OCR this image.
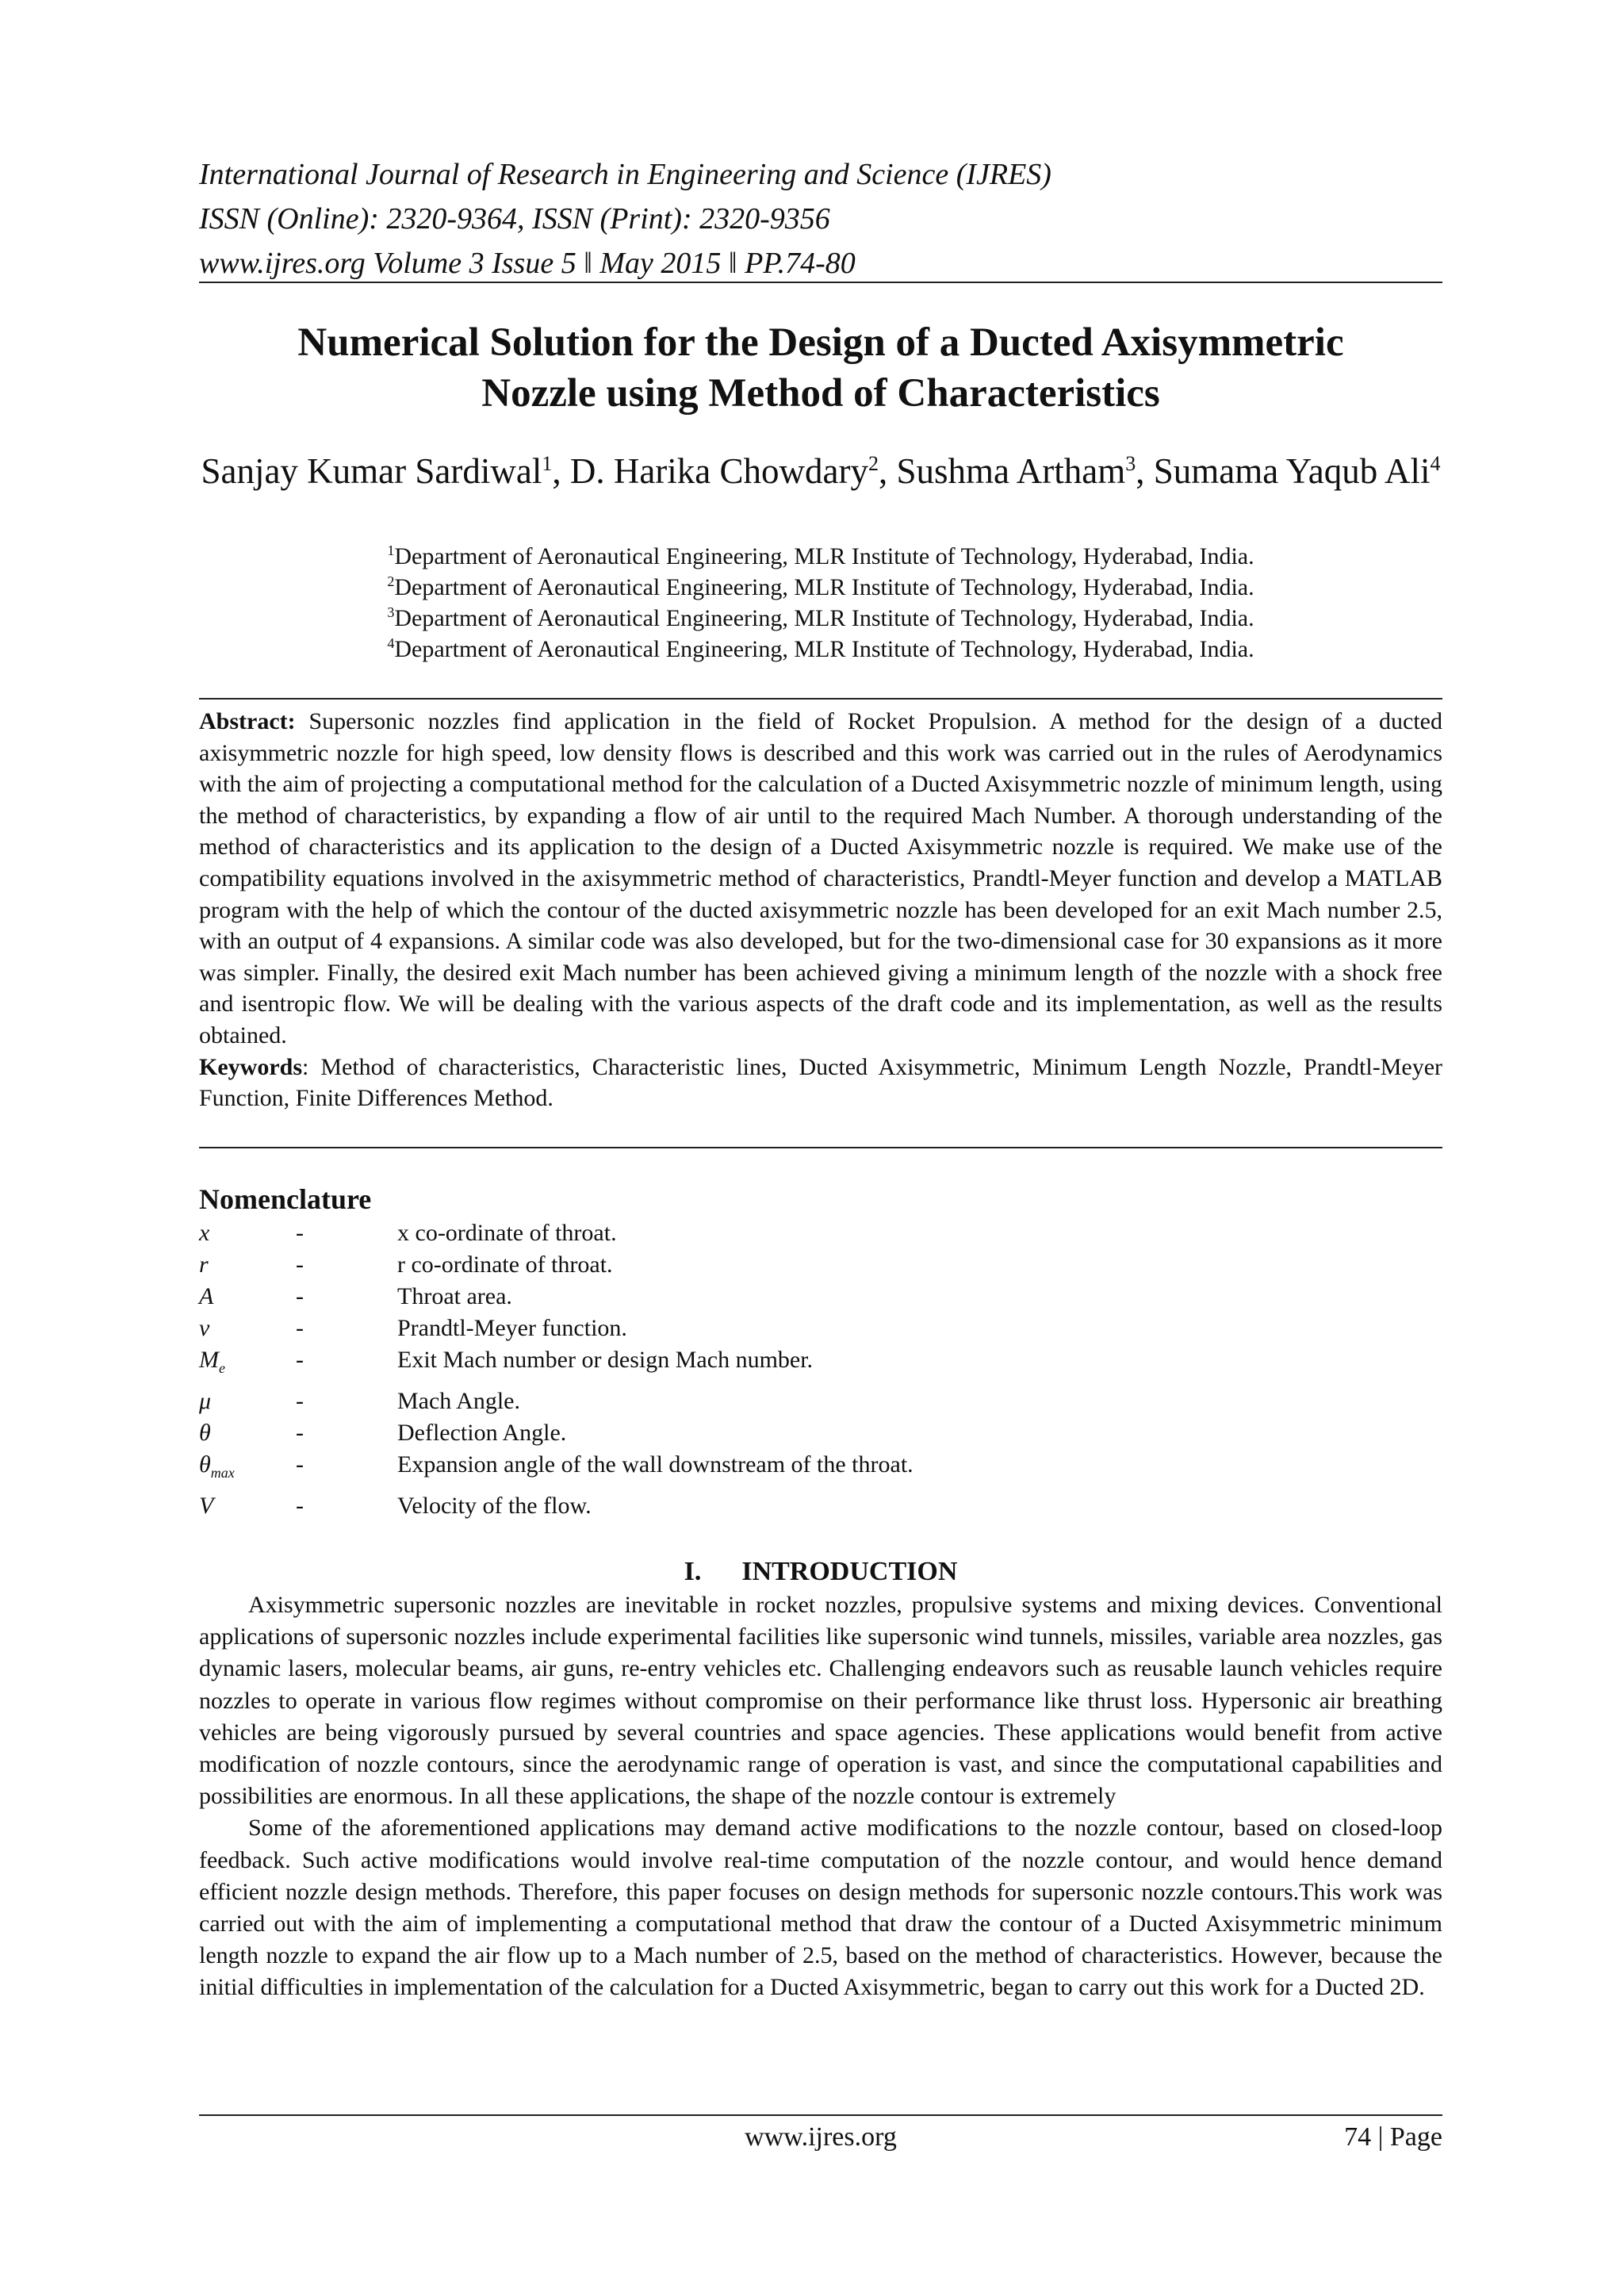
International Journal of Research in Engineering and Science (IJRES)
ISSN (Online): 2320-9364, ISSN (Print): 2320-9356
www.ijres.org Volume 3 Issue 5 ǁ May 2015 ǁ PP.74-80
Numerical Solution for the Design of a Ducted Axisymmetric
Nozzle using Method of Characteristics
Sanjay Kumar Sardiwal$^1$, D. Harika Chowdary$^2$, Sushma Artham$^3$, Sumama Yaqub Ali$^4$
$^1$Department of Aeronautical Engineering, MLR Institute of Technology, Hyderabad, India.
$^2$Department of Aeronautical Engineering, MLR Institute of Technology, Hyderabad, India.
$^3$Department of Aeronautical Engineering, MLR Institute of Technology, Hyderabad, India.
$^4$Department of Aeronautical Engineering, MLR Institute of Technology, Hyderabad, India.

Abstract: Supersonic nozzles find application in the field of Rocket Propulsion. A method for the design of a ducted axisymmetric nozzle for high speed, low density flows is described and this work was carried out in the rules of Aerodynamics with the aim of projecting a computational method for the calculation of a Ducted Axisymmetric nozzle of minimum length, using the method of characteristics, by expanding a flow of air until to the required Mach Number. A thorough understanding of the method of characteristics and its application to the design of a Ducted Axisymmetric nozzle is required. We make use of the compatibility equations involved in the axisymmetric method of characteristics, Prandtl-Meyer function and develop a MATLAB program with the help of which the contour of the ducted axisymmetric nozzle has been developed for an exit Mach number 2.5, with an output of 4 expansions. A similar code was also developed, but for the two-dimensional case for 30 expansions as it more was simpler. Finally, the desired exit Mach number has been achieved giving a minimum length of the nozzle with a shock free and isentropic flow. We will be dealing with the various aspects of the draft code and its implementation, as well as the results obtained.

Keywords: Method of characteristics, Characteristic lines, Ducted Axisymmetric, Minimum Length Nozzle, Prandtl-Meyer Function, Finite Differences Method.

Nomenclature
x	-	x co-ordinate of throat.
r	-	r co-ordinate of throat.
A	-	Throat area.
v	-	Prandtl-Meyer function.
$M_e$	-	Exit Mach number or design Mach number.
μ	-	Mach Angle.
θ	-	Deflection Angle.
$\theta_{max}$	-	Expansion angle of the wall downstream of the throat.
V	-	Velocity of the flow.
I.      INTRODUCTION

Axisymmetric supersonic nozzles are inevitable in rocket nozzles, propulsive systems and mixing devices. Conventional applications of supersonic nozzles include experimental facilities like supersonic wind tunnels, missiles, variable area nozzles, gas dynamic lasers, molecular beams, air guns, re-entry vehicles etc. Challenging endeavors such as reusable launch vehicles require nozzles to operate in various flow regimes without compromise on their performance like thrust loss. Hypersonic air breathing vehicles are being vigorously pursued by several countries and space agencies. These applications would benefit from active modification of nozzle contours, since the aerodynamic range of operation is vast, and since the computational capabilities and possibilities are enormous. In all these applications, the shape of the nozzle contour is extremely

Some of the aforementioned applications may demand active modifications to the nozzle contour, based on closed-loop feedback. Such active modifications would involve real-time computation of the nozzle contour, and would hence demand efficient nozzle design methods. Therefore, this paper focuses on design methods for supersonic nozzle contours.This work was carried out with the aim of implementing a computational method that draw the contour of a Ducted Axisymmetric minimum length nozzle to expand the air flow up to a Mach number of 2.5, based on the method of characteristics. However, because the initial difficulties in implementation of the calculation for a Ducted Axisymmetric, began to carry out this work for a Ducted 2D.

www.ijres.org	74 | Page
